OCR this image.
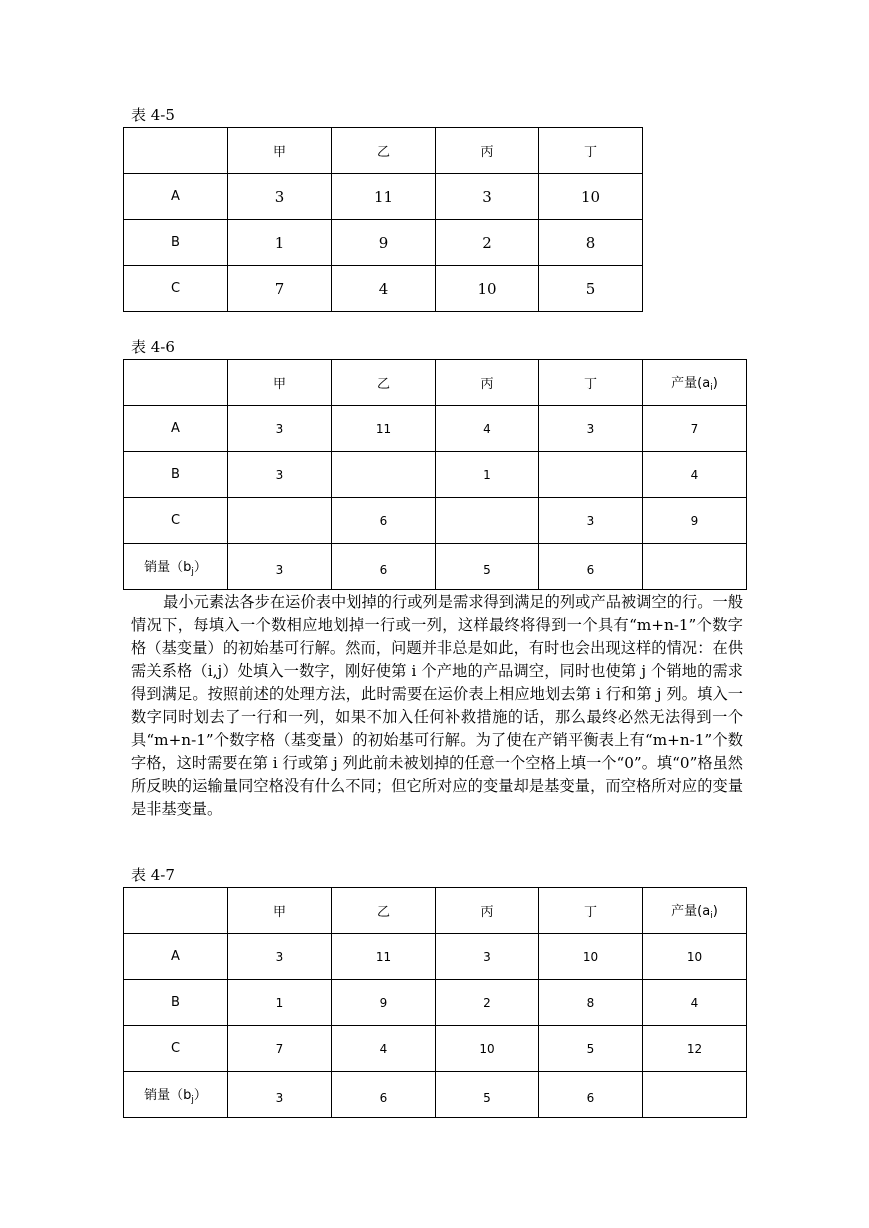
表 4-5
	甲	乙	丙	丁
A	3	11	3	10
B	1	9	2	8
C	7	4	10	5
表 4-6
	甲	乙	丙	丁	产量$(a_i)$
A	3	11	4	3	7
B	3		1		4
C		6		3	9
销量$(b_j)$	3	6	5	6	
最小元素法各步在运价表中划掉的行或列是需求得到满足的列或产品被调空的行。一般情况下，每填入一个数相应地划掉一行或一列，这样最终将得到一个具有“m+n-1”个数字格（基变量）的初始基可行解。然而，问题并非总是如此，有时也会出现这样的情况：在供需关系格（i,j）处填入一数字，刚好使第 i 个产地的产品调空，同时也使第 j 个销地的需求得到满足。按照前述的处理方法，此时需要在运价表上相应地划去第 i 行和第 j 列。填入一数字同时划去了一行和一列，如果不加入任何补救措施的话，那么最终必然无法得到一个具“m+n-1”个数字格（基变量）的初始基可行解。为了使在产销平衡表上有“m+n-1”个数字格，这时需要在第 i 行或第 j 列此前未被划掉的任意一个空格上填一个“0”。填“0”格虽然所反映的运输量同空格没有什么不同；但它所对应的变量却是基变量，而空格所对应的变量是非基变量。
表 4-7
	甲	乙	丙	丁	产量$(a_i)$
A	3	11	3	10	10
B	1	9	2	8	4
C	7	4	10	5	12
销量$(b_j)$	3	6	5	6	
